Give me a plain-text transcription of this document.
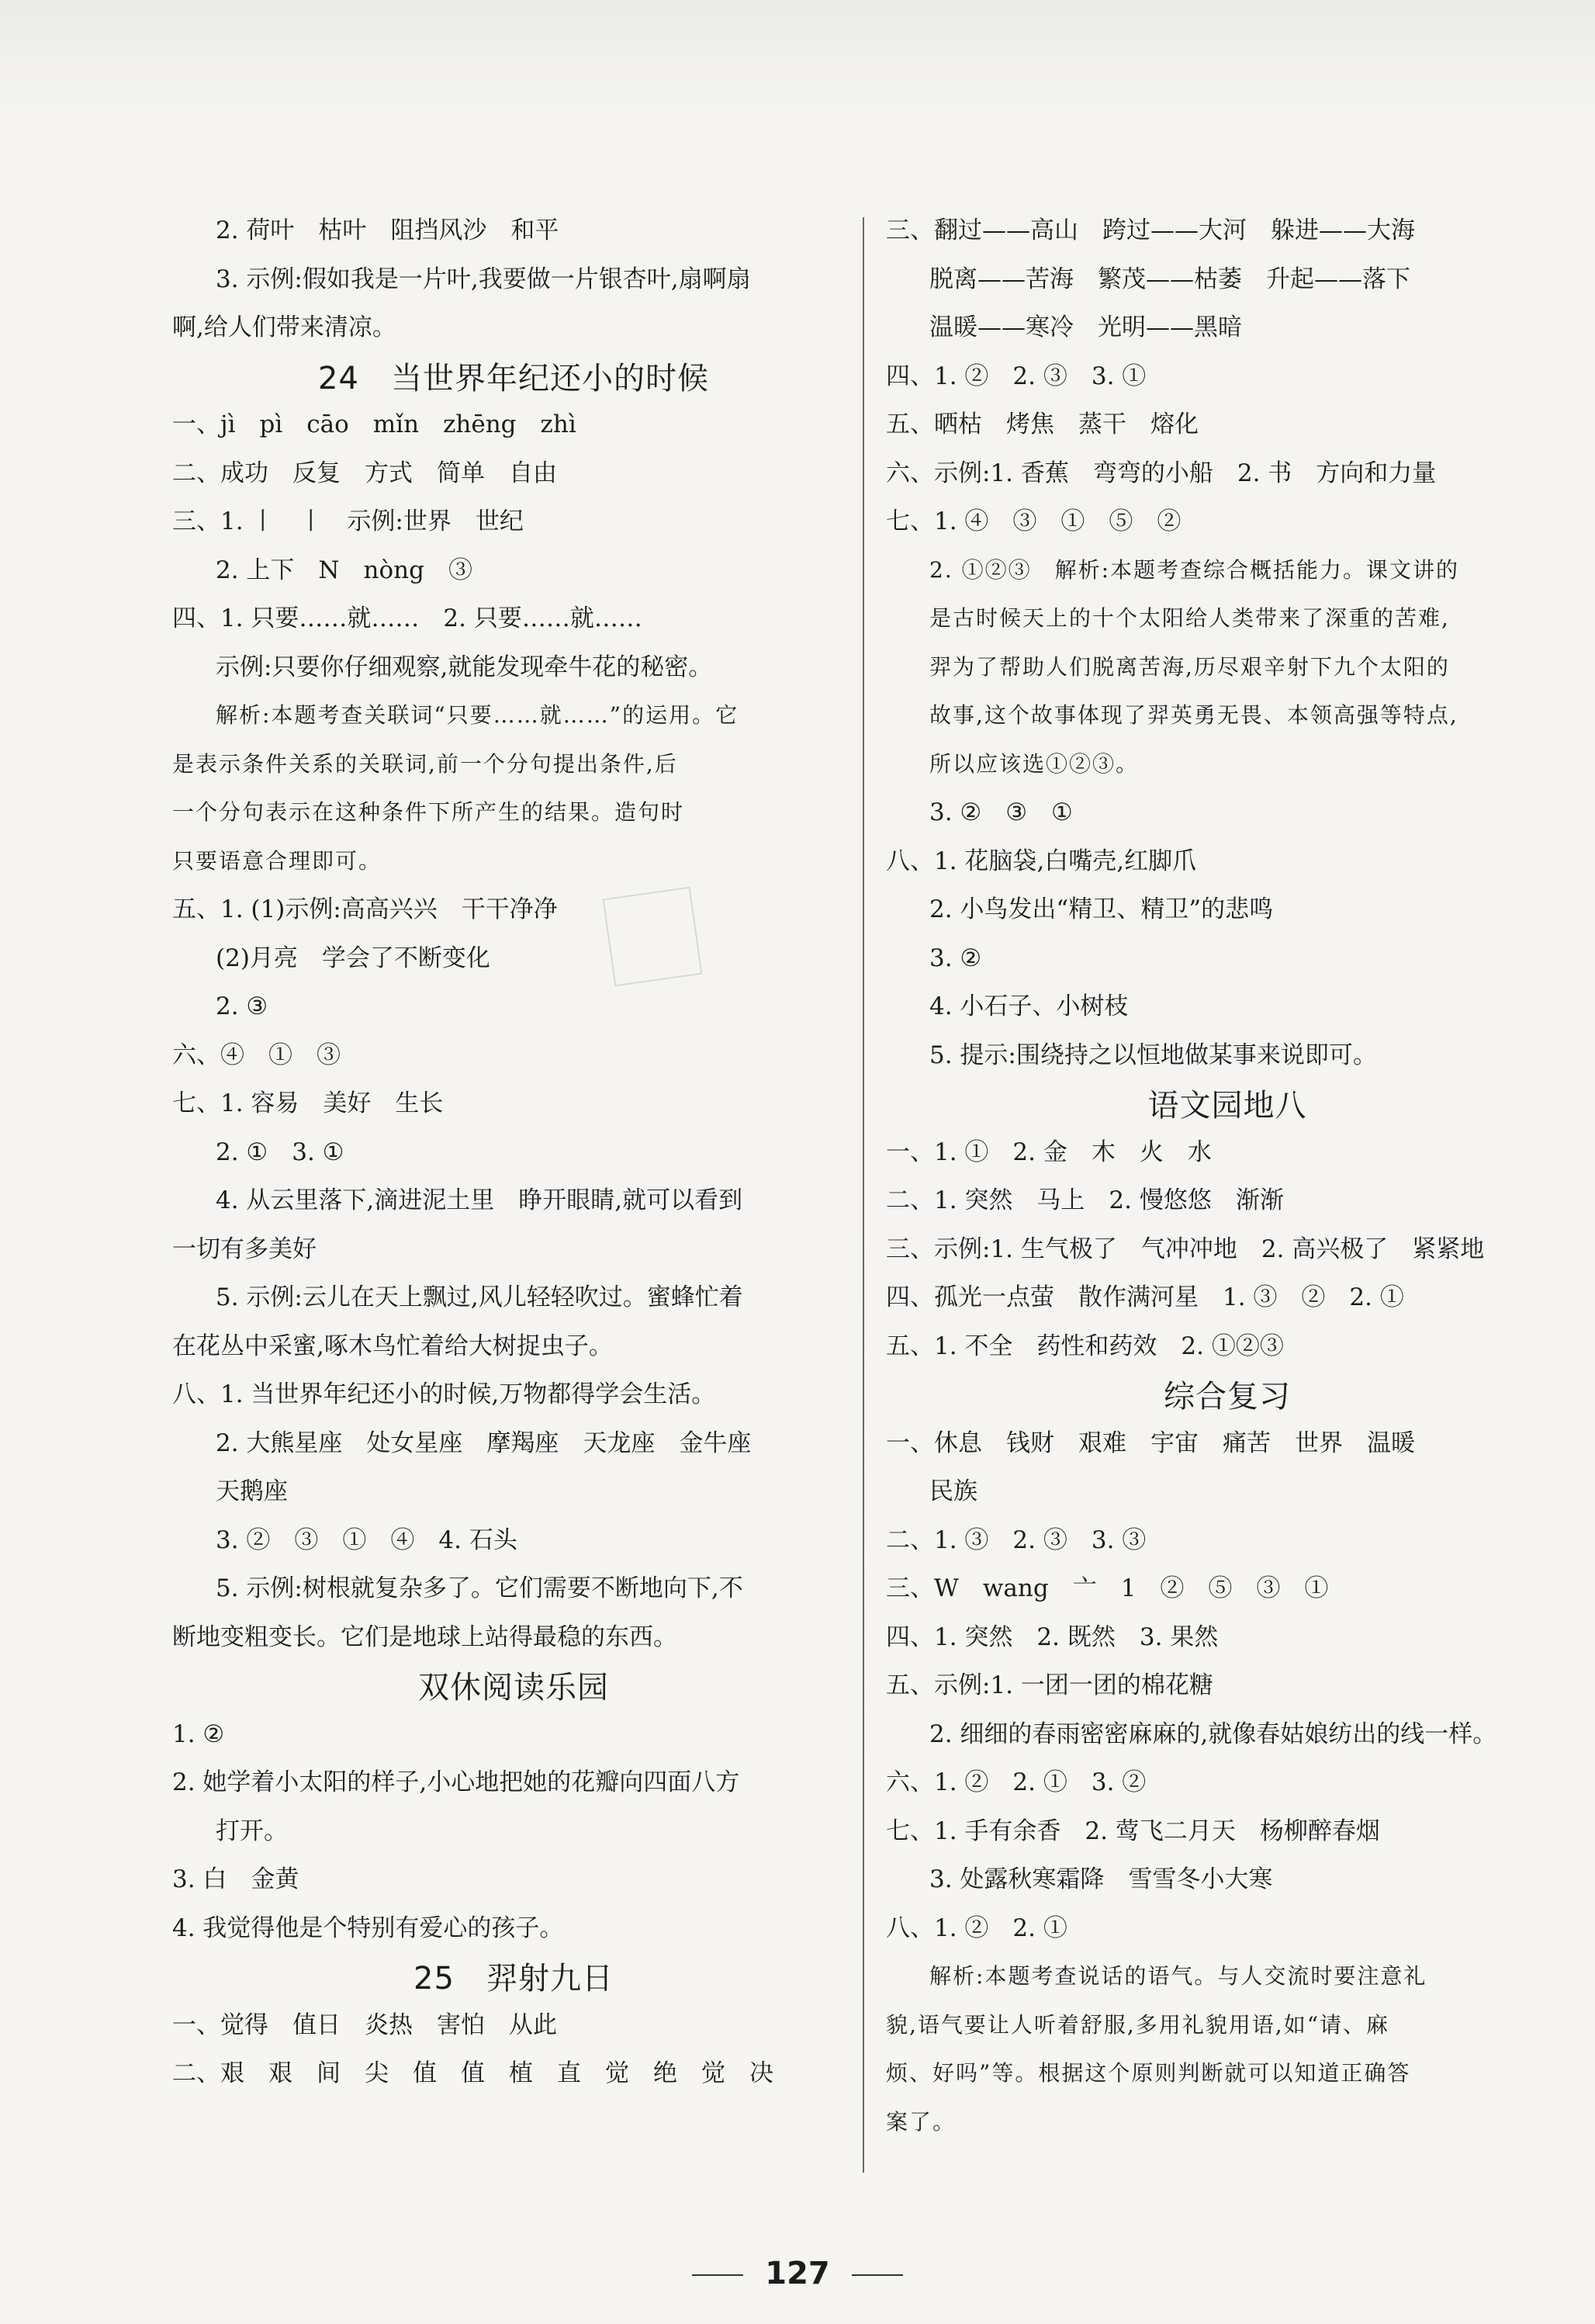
2. 荷叶　枯叶　阻挡风沙　和平
3. 示例:假如我是一片叶,我要做一片银杏叶,扇啊扇
啊,给人们带来清凉。
24　当世界年纪还小的时候
一、jì　pì　cāo　mǐn　zhēng　zhì
二、成功　反复　方式　简单　自由
三、1. 丨　丨　示例:世界　世纪
2. 上下　N　nòng　③
四、1. 只要……就……　2. 只要……就……
示例:只要你仔细观察,就能发现牵牛花的秘密。
解析:本题考查关联词“只要……就……”的运用。它
是表示条件关系的关联词,前一个分句提出条件,后
一个分句表示在这种条件下所产生的结果。造句时
只要语意合理即可。
五、1. (1)示例:高高兴兴　干干净净
(2)月亮　学会了不断变化
2. ③
六、④　①　③
七、1. 容易　美好　生长
2. ①　3. ①
4. 从云里落下,滴进泥土里　睁开眼睛,就可以看到
一切有多美好
5. 示例:云儿在天上飘过,风儿轻轻吹过。蜜蜂忙着
在花丛中采蜜,啄木鸟忙着给大树捉虫子。
八、1. 当世界年纪还小的时候,万物都得学会生活。
2. 大熊星座　处女星座　摩羯座　天龙座　金牛座
天鹅座
3. ②　③　①　④　4. 石头
5. 示例:树根就复杂多了。它们需要不断地向下,不
断地变粗变长。它们是地球上站得最稳的东西。
双休阅读乐园
1. ②
2. 她学着小太阳的样子,小心地把她的花瓣向四面八方
打开。
3. 白　金黄
4. 我觉得他是个特别有爱心的孩子。
25　羿射九日
一、觉得　值日　炎热　害怕　从此
二、艰　艰　间　尖　值　值　植　直　觉　绝　觉　决
三、翻过——高山　跨过——大河　躲进——大海
脱离——苦海　繁茂——枯萎　升起——落下
温暖——寒冷　光明——黑暗
四、1. ②　2. ③　3. ①
五、晒枯　烤焦　蒸干　熔化
六、示例:1. 香蕉　弯弯的小船　2. 书　方向和力量
七、1. ④　③　①　⑤　②
2. ①②③　解析:本题考查综合概括能力。课文讲的
是古时候天上的十个太阳给人类带来了深重的苦难,
羿为了帮助人们脱离苦海,历尽艰辛射下九个太阳的
故事,这个故事体现了羿英勇无畏、本领高强等特点,
所以应该选①②③。
3. ②　③　①
八、1. 花脑袋,白嘴壳,红脚爪
2. 小鸟发出“精卫、精卫”的悲鸣
3. ②
4. 小石子、小树枝
5. 提示:围绕持之以恒地做某事来说即可。
语文园地八
一、1. ①　2. 金　木　火　水
二、1. 突然　马上　2. 慢悠悠　渐渐
三、示例:1. 生气极了　气冲冲地　2. 高兴极了　紧紧地
四、孤光一点萤　散作满河星　1. ③　②　2. ①
五、1. 不全　药性和药效　2. ①②③
综合复习
一、休息　钱财　艰难　宇宙　痛苦　世界　温暖
民族
二、1. ③　2. ③　3. ③
三、W　wang　亠　1　②　⑤　③　①
四、1. 突然　2. 既然　3. 果然
五、示例:1. 一团一团的棉花糖
2. 细细的春雨密密麻麻的,就像春姑娘纺出的线一样。
六、1. ②　2. ①　3. ②
七、1. 手有余香　2. 莺飞二月天　杨柳醉春烟
3. 处露秋寒霜降　雪雪冬小大寒
八、1. ②　2. ①
解析:本题考查说话的语气。与人交流时要注意礼
貌,语气要让人听着舒服,多用礼貌用语,如“请、麻
烦、好吗”等。根据这个原则判断就可以知道正确答
案了。
127
